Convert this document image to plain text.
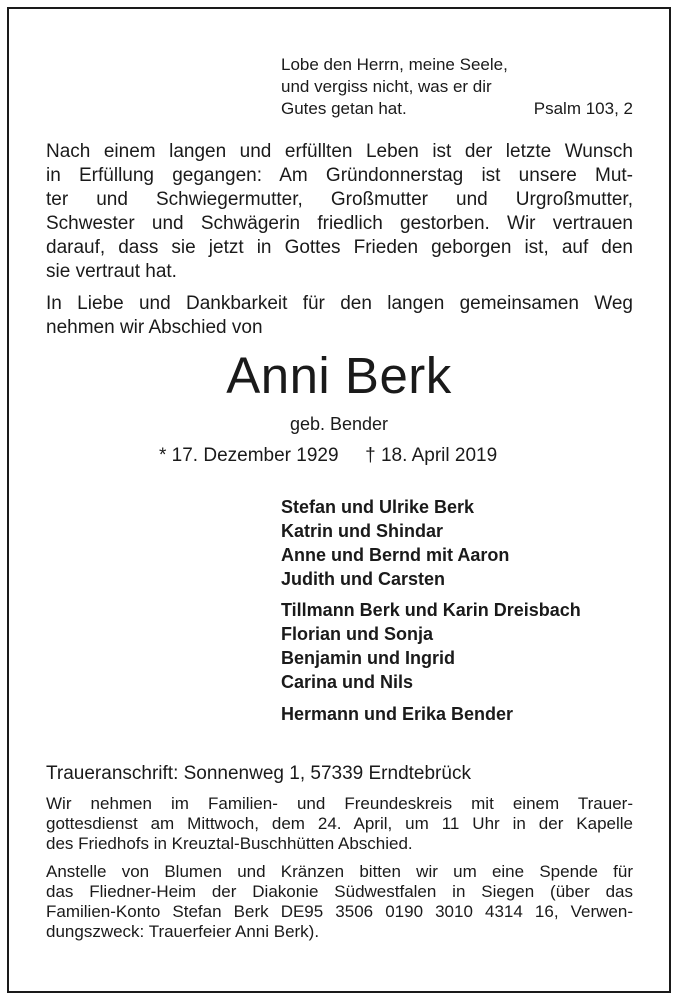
Lobe den Herrn, meine Seele,
und vergiss nicht, was er dir
Gutes getan hat.	Psalm 103, 2
Nach einem langen und erfüllten Leben ist der letzte Wunsch
in Erfüllung gegangen: Am Gründonnerstag ist unsere Mut-
ter und Schwiegermutter, Großmutter und Urgroßmutter,
Schwester und Schwägerin friedlich gestorben. Wir vertrauen
darauf, dass sie jetzt in Gottes Frieden geborgen ist, auf den
sie vertraut hat.
In Liebe und Dankbarkeit für den langen gemeinsamen Weg
nehmen wir Abschied von
Anni Berk
geb. Bender
* 17. Dezember 1929 † 18. April 2019
Stefan und Ulrike Berk
Katrin und Shindar
Anne und Bernd mit Aaron
Judith und Carsten
Tillmann Berk und Karin Dreisbach
Florian und Sonja
Benjamin und Ingrid
Carina und Nils
Hermann und Erika Bender
Traueranschrift: Sonnenweg 1, 57339 Erndtebrück
Wir nehmen im Familien- und Freundeskreis mit einem Trauer-
gottesdienst am Mittwoch, dem 24. April, um 11 Uhr in der Kapelle
des Friedhofs in Kreuztal-Buschhütten Abschied.
Anstelle von Blumen und Kränzen bitten wir um eine Spende für
das Fliedner-Heim der Diakonie Südwestfalen in Siegen (über das
Familien-Konto Stefan Berk DE95 3506 0190 3010 4314 16, Verwen-
dungszweck: Trauerfeier Anni Berk).
